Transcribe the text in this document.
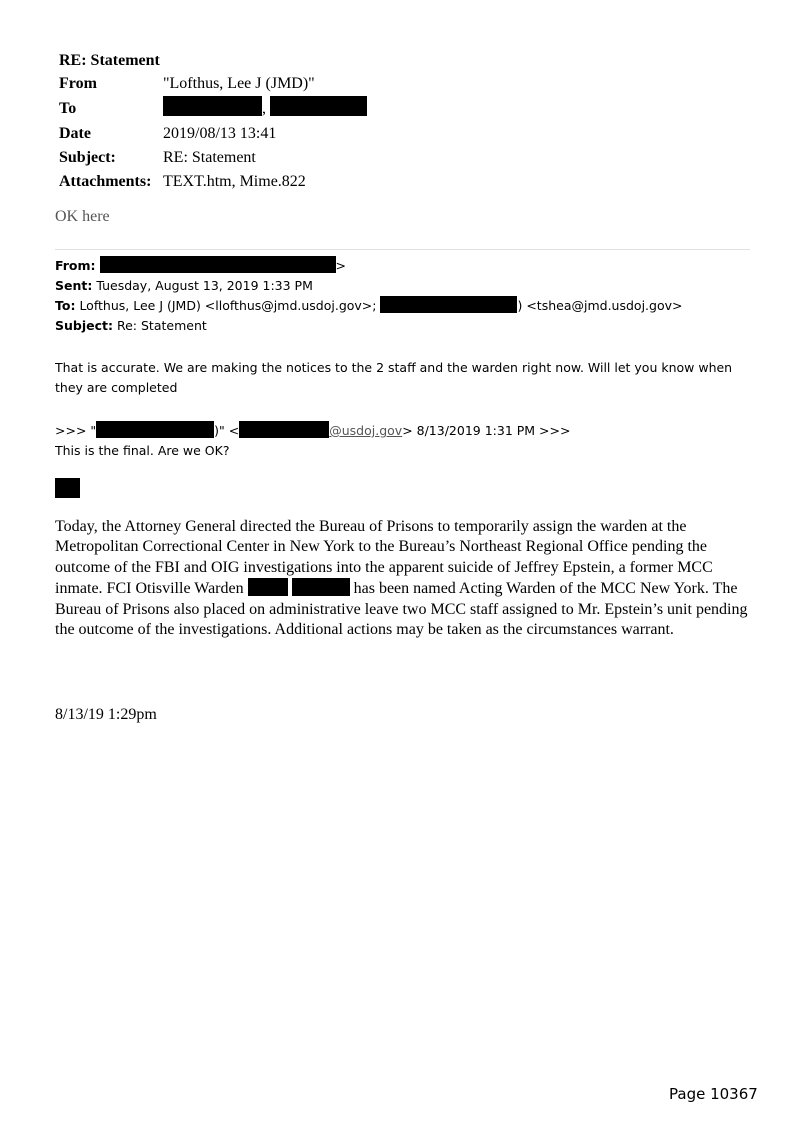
RE: Statement
From	"Lofthus, Lee J (JMD)"
To	,
Date	2019/08/13 13:41
Subject:	RE: Statement
Attachments:	TEXT.htm, Mime.822
OK here
From:	>
Sent: Tuesday, August 13, 2019 1:33 PM
To: Lofthus, Lee J (JMD) <llofthus@jmd.usdoj.gov>;	) <tshea@jmd.usdoj.gov>
Subject: Re: Statement
That is accurate. We are making the notices to the 2 staff and the warden right now. Will let you know when they are completed
>>> "	)" <	@usdoj.gov> 8/13/2019 1:31 PM >>>
This is the final. Are we OK?
Today, the Attorney General directed the Bureau of Prisons to temporarily assign the warden at the Metropolitan Correctional Center in New York to the Bureau’s Northeast Regional Office pending the outcome of the FBI and OIG investigations into the apparent suicide of Jeffrey Epstein, a former MCC inmate. FCI Otisville Warden	has been named Acting Warden of the MCC New York. The Bureau of Prisons also placed on administrative leave two MCC staff assigned to Mr. Epstein’s unit pending the outcome of the investigations. Additional actions may be taken as the circumstances warrant.
8/13/19 1:29pm
Page 10367
